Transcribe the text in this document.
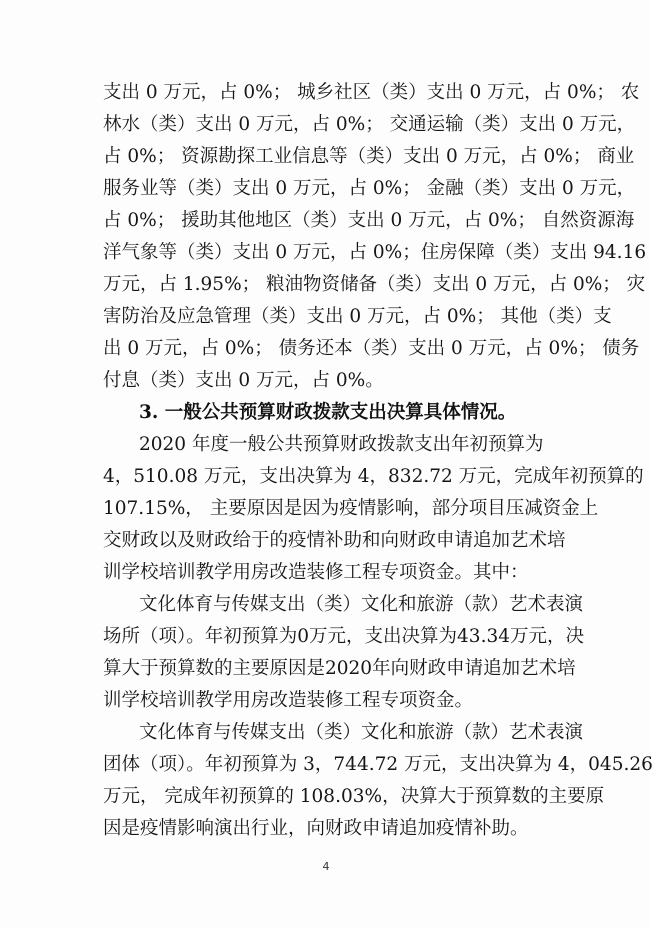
支出 0 万元，占 0%； 城乡社区（类）支出 0 万元，占 0%； 农
林水（类）支出 0 万元，占 0%； 交通运输（类）支出 0 万元，
占 0%； 资源勘探工业信息等（类）支出 0 万元，占 0%； 商业
服务业等（类）支出 0 万元，占 0%； 金融（类）支出 0 万元，
占 0%； 援助其他地区（类）支出 0 万元，占 0%； 自然资源海
洋气象等（类）支出 0 万元，占 0%；住房保障（类）支出 94.16
万元，占 1.95%； 粮油物资储备（类）支出 0 万元，占 0%； 灾
害防治及应急管理（类）支出 0 万元，占 0%； 其他（类）支
出 0 万元，占 0%； 债务还本（类）支出 0 万元，占 0%； 债务
付息（类）支出 0 万元，占 0%。
3. 一般公共预算财政拨款支出决算具体情况。
2020 年度一般公共预算财政拨款支出年初预算为
4，510.08 万元，支出决算为 4，832.72 万元，完成年初预算的
107.15%， 主要原因是因为疫情影响，部分项目压减资金上
交财政以及财政给于的疫情补助和向财政申请追加艺术培
训学校培训教学用房改造装修工程专项资金。其中：
文化体育与传媒支出（类）文化和旅游（款）艺术表演
场所（项）。年初预算为0万元，支出决算为43.34万元，决
算大于预算数的主要原因是2020年向财政申请追加艺术培
训学校培训教学用房改造装修工程专项资金。
文化体育与传媒支出（类）文化和旅游（款）艺术表演
团体（项）。年初预算为 3，744.72 万元，支出决算为 4，045.26
万元， 完成年初预算的 108.03%，决算大于预算数的主要原
因是疫情影响演出行业，向财政申请追加疫情补助。
4
